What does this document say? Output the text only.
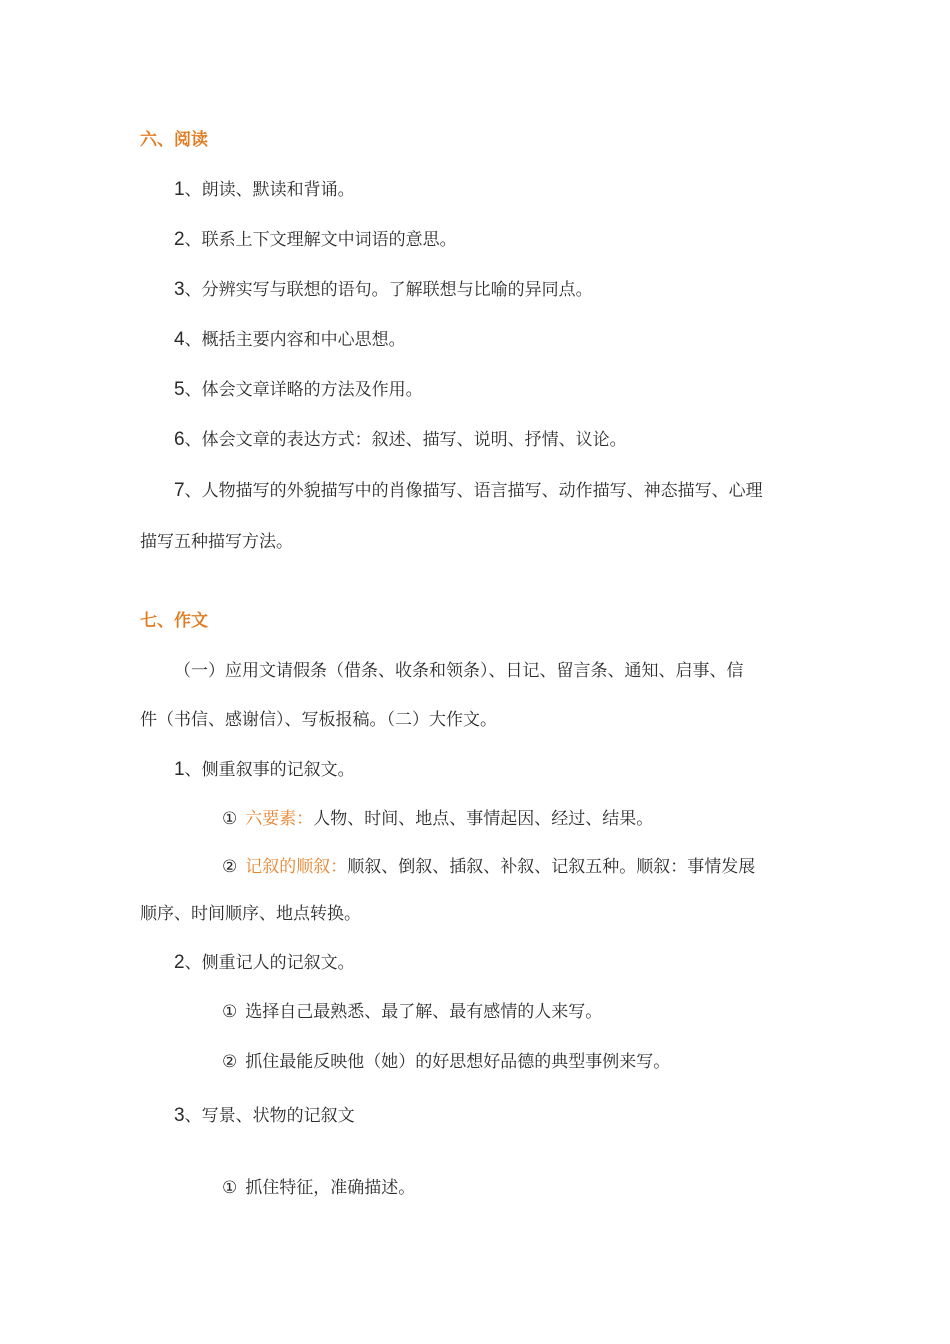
六、阅读
1、朗读、默读和背诵。
2、联系上下文理解文中词语的意思。
3、分辨实写与联想的语句。了解联想与比喻的异同点。
4、概括主要内容和中心思想。
5、体会文章详略的方法及作用。
6、体会文章的表达方式：叙述、描写、说明、抒情、议论。
7、人物描写的外貌描写中的肖像描写、语言描写、动作描写、神态描写、心理
描写五种描写方法。
七、作文
（一）应用文请假条（借条、收条和领条）、日记、留言条、通知、启事、信
件（书信、感谢信）、写板报稿。（二）大作文。
1、侧重叙事的记叙文。
① 六要素：人物、时间、地点、事情起因、经过、结果。
② 记叙的顺叙：顺叙、倒叙、插叙、补叙、记叙五种。顺叙：事情发展
顺序、时间顺序、地点转换。
2、侧重记人的记叙文。
① 选择自己最熟悉、最了解、最有感情的人来写。
② 抓住最能反映他（她）的好思想好品德的典型事例来写。
3、写景、状物的记叙文
① 抓住特征，准确描述。
